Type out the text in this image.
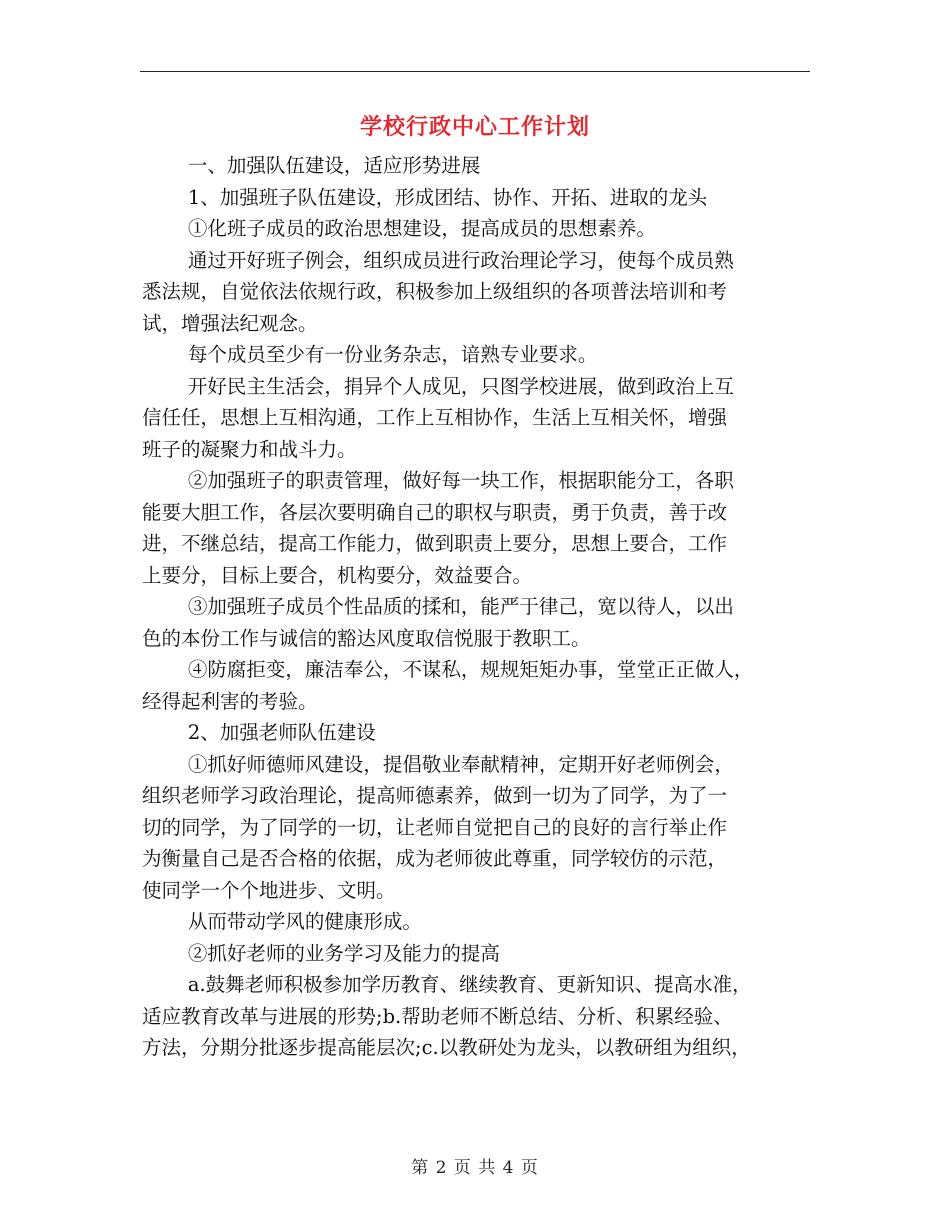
学校行政中心工作计划
一、加强队伍建设，适应形势进展
1、加强班子队伍建设，形成团结、协作、开拓、进取的龙头
①化班子成员的政治思想建设，提高成员的思想素养。
通过开好班子例会，组织成员进行政治理论学习，使每个成员熟
悉法规，自觉依法依规行政，积极参加上级组织的各项普法培训和考
试，增强法纪观念。
每个成员至少有一份业务杂志，谙熟专业要求。
开好民主生活会，捐异个人成见，只图学校进展，做到政治上互
信任任，思想上互相沟通，工作上互相协作，生活上互相关怀，增强
班子的凝聚力和战斗力。
②加强班子的职责管理，做好每一块工作，根据职能分工，各职
能要大胆工作，各层次要明确自己的职权与职责，勇于负责，善于改
进，不继总结，提高工作能力，做到职责上要分，思想上要合，工作
上要分，目标上要合，机构要分，效益要合。
③加强班子成员个性品质的揉和，能严于律己，宽以待人，以出
色的本份工作与诚信的豁达风度取信悦服于教职工。
④防腐拒变，廉洁奉公，不谋私，规规矩矩办事，堂堂正正做人，
经得起利害的考验。
2、加强老师队伍建设
①抓好师德师风建设，提倡敬业奉献精神，定期开好老师例会，
组织老师学习政治理论，提高师德素养，做到一切为了同学，为了一
切的同学，为了同学的一切，让老师自觉把自己的良好的言行举止作
为衡量自己是否合格的依据，成为老师彼此尊重，同学较仿的示范，
使同学一个个地进步、文明。
从而带动学风的健康形成。
②抓好老师的业务学习及能力的提高
a.鼓舞老师积极参加学历教育、继续教育、更新知识、提高水准，
适应教育改革与进展的形势;b.帮助老师不断总结、分析、积累经验、
方法，分期分批逐步提高能层次;c.以教研处为龙头，以教研组为组织，
第 2 页 共 4 页
